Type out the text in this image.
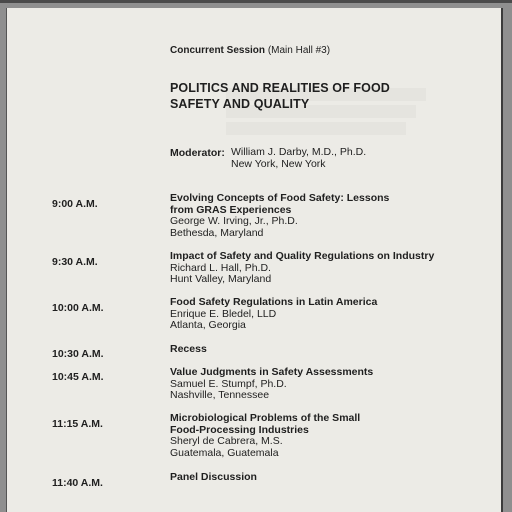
Concurrent Session (Main Hall #3)
POLITICS AND REALITIES OF FOOD
SAFETY AND QUALITY
Moderator: William J. Darby, M.D., Ph.D.
New York, New York
9:00 A.M.	Evolving Concepts of Food Safety: Lessons
from GRAS Experiences
George W. Irving, Jr., Ph.D.
Bethesda, Maryland
9:30 A.M.	Impact of Safety and Quality Regulations on Industry
Richard L. Hall, Ph.D.
Hunt Valley, Maryland
10:00 A.M.	Food Safety Regulations in Latin America
Enrique E. Bledel, LLD
Atlanta, Georgia
10:30 A.M.	Recess
10:45 A.M.	Value Judgments in Safety Assessments
Samuel E. Stumpf, Ph.D.
Nashville, Tennessee
11:15 A.M.	Microbiological Problems of the Small
Food-Processing Industries
Sheryl de Cabrera, M.S.
Guatemala, Guatemala
11:40 A.M.	Panel Discussion
